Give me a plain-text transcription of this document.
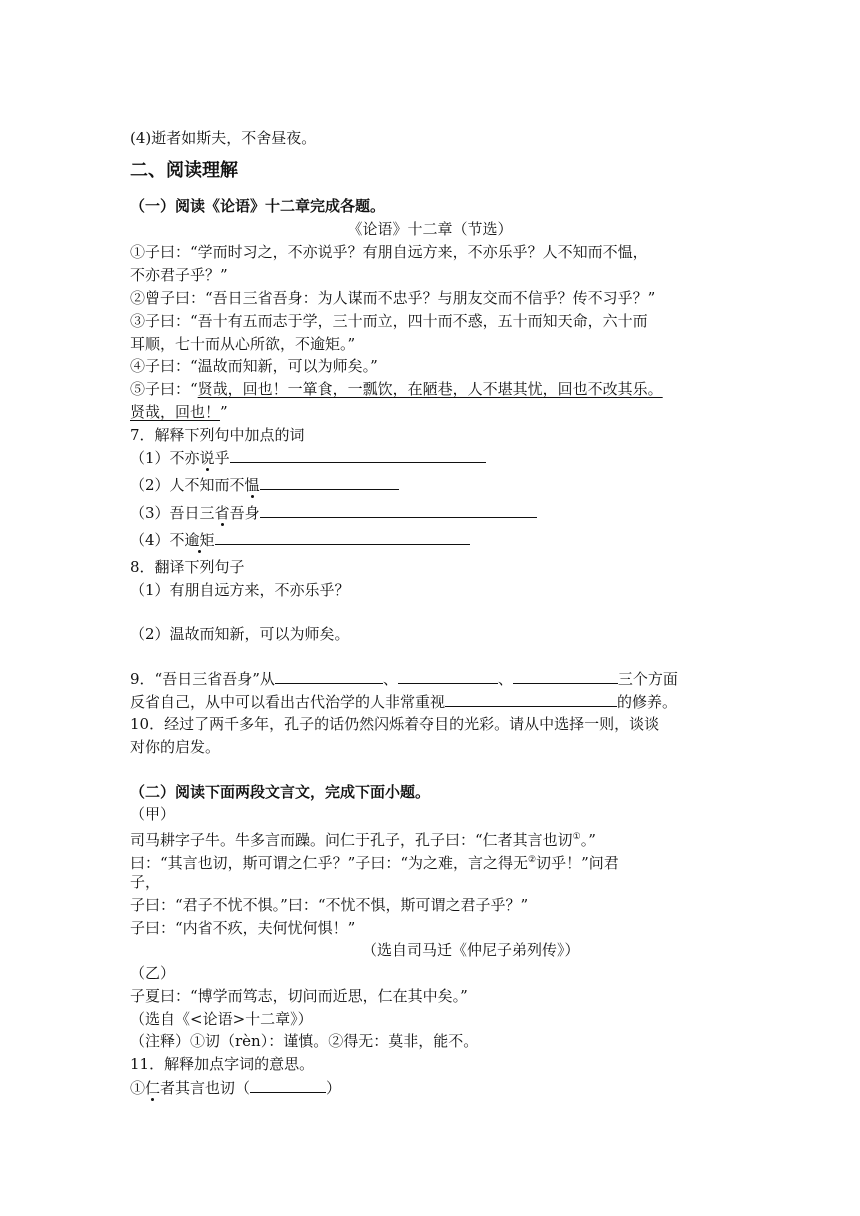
(4)逝者如斯夫，不舍昼夜。
二、阅读理解
（一）阅读《论语》十二章完成各题。
《论语》十二章（节选）
①子曰：“学而时习之，不亦说乎？有朋自远方来，不亦乐乎？人不知而不愠，
不亦君子乎？”
②曾子曰：“吾日三省吾身：为人谋而不忠乎？与朋友交而不信乎？传不习乎？”
③子曰：“吾十有五而志于学，三十而立，四十而不惑，五十而知天命，六十而
耳顺，七十而从心所欲，不逾矩。”
④子曰：“温故而知新，可以为师矣。”
⑤子曰：“贤哉，回也！一箪食，一瓢饮，在陋巷，人不堪其忧，回也不改其乐。
贤哉，回也！”
7．解释下列句中加点的词
（1）不亦说乎
（2）人不知而不愠
（3）吾日三省吾身
（4）不逾矩
8．翻译下列句子
（1）有朋自远方来，不亦乐乎？
（2）温故而知新，可以为师矣。
9．“吾日三省吾身”从	、	、	三个方面
反省自己，从中可以看出古代治学的人非常重视	的修养。
10．经过了两千多年，孔子的话仍然闪烁着夺目的光彩。请从中选择一则，谈谈
对你的启发。
（二）阅读下面两段文言文，完成下面小题。
（甲）
司马耕字子牛。牛多言而躁。问仁于孔子，孔子曰：“仁者其言也讱①。”
曰：“其言也讱，斯可谓之仁乎？”子曰：“为之难，言之得无②讱乎！”问君
子，
子曰：“君子不忧不惧。”曰：“不忧不惧，斯可谓之君子乎？”
子曰：“内省不疚，夫何忧何惧！”
（选自司马迁《仲尼子弟列传》）
（乙）
子夏曰：“博学而笃志，切问而近思，仁在其中矣。”
（选自《<论语>十二章》）
（注释）①讱（rèn）：谨慎。②得无：莫非，能不。
11．解释加点字词的意思。
①仁者其言也讱（	）
